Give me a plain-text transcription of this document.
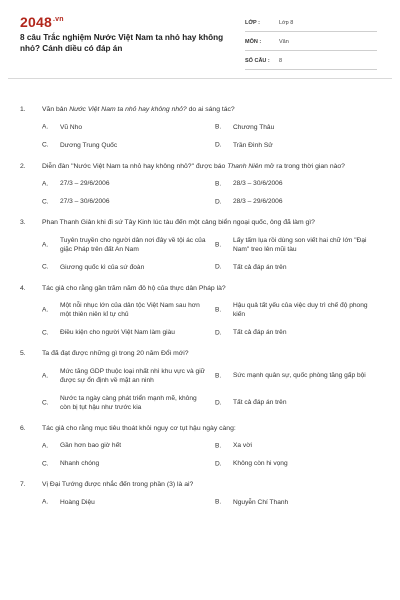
$2048^{.vn}$
8 câu Trắc nghiệm Nước Việt Nam ta nhỏ hay không nhỏ? Cánh diều có đáp án
LỚP :	Lớp 8
MÔN :	Văn
SỐ CÂU : 8
1. Văn bản Nước Việt Nam ta nhỏ hay không nhỏ? do ai sáng tác?
A. Vũ Nho	B. Chương Thâu
C. Dương Trung Quốc	D. Trần Đình Sử
2. Diễn đàn "Nước Việt Nam ta nhỏ hay không nhỏ?" được báo Thanh Niên mở ra trong thời gian nào?
A. 27/3 – 29/6/2006	B. 28/3 – 30/6/2006
C. 27/3 – 30/6/2006	D. 28/3 – 29/6/2006
3. Phan Thanh Giản khi đi sứ Tây Kinh lúc tàu đến một cảng biển ngoại quốc, ông đã làm gì?
A.
Tuyên truyền cho người dân nơi đây về tội ác của giặc Pháp trên đất An Nam
B.
Lấy tấm lụa rồi dùng son viết hai chữ lớn "Đại Nam" treo lên mũi tàu
C. Giương quốc kì của sứ đoàn	D. Tất cả đáp án trên
4. Tác giả cho rằng gần trăm năm đô hộ của thực dân Pháp là?
A.
Một nỗi nhục lớn của dân tộc Việt Nam sau hơn một thiên niên kỉ tự chủ
B.
Hậu quả tất yếu của việc duy trì chế độ phong kiến
C. Điều kiện cho người Việt Nam làm giàu	D. Tất cả đáp án trên
5. Ta đã đạt được những gì trong 20 năm Đổi mới?
A.
Mức tăng GDP thuộc loại nhất nhì khu vực và giữ được sự ổn định về mặt an ninh
B. Sức mạnh quân sự, quốc phòng tăng gấp bội
C.
Nước ta ngày càng phát triển mạnh mẽ, không còn bị tụt hậu như trước kia
D. Tất cả đáp án trên
6. Tác giả cho rằng mục tiêu thoát khỏi nguy cơ tụt hậu ngày càng:
A. Gần hơn bao giờ hết	B. Xa vời
C. Nhanh chóng	D. Không còn hi vọng
7. Vị Đại Tướng được nhắc đến trong phần (3) là ai?
A. Hoàng Diệu	B. Nguyễn Chí Thanh
